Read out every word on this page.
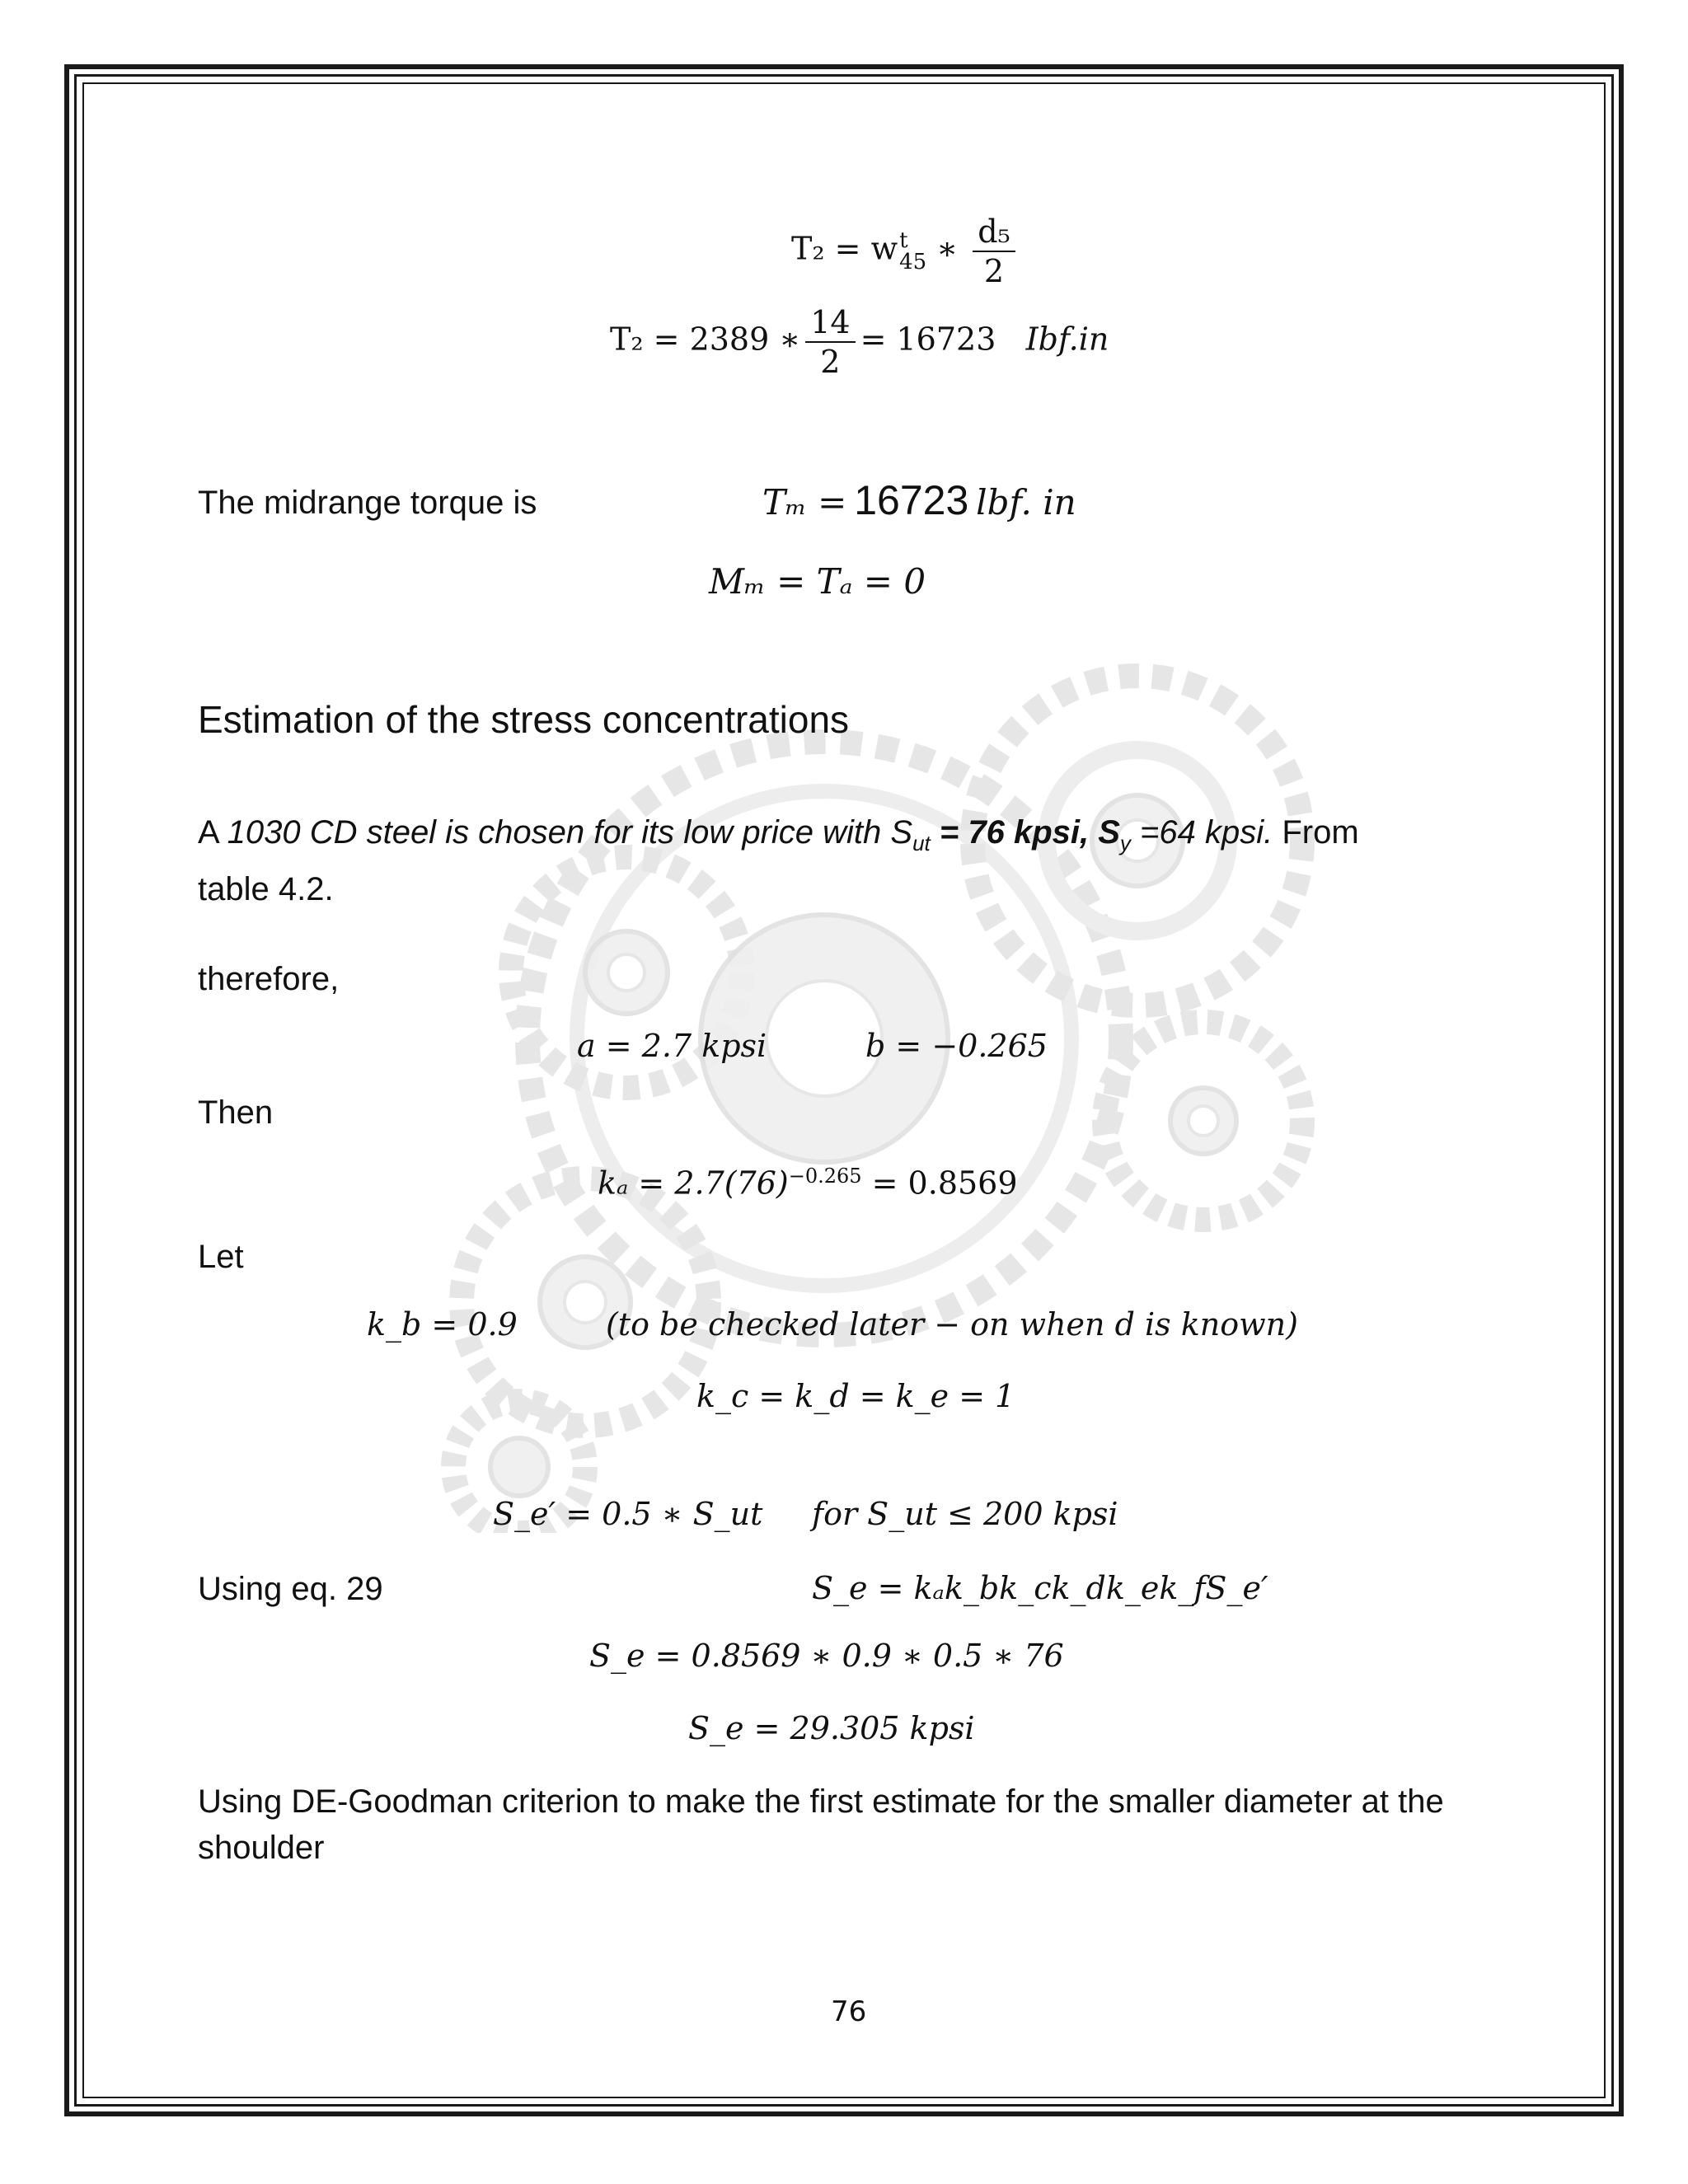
T₂ = w t
45 ∗ $\frac{\text{d₅}}{2}$
T₂ = 2389 ∗ $\frac{14}{2} = 16723$ Ibf.in
The midrange torque is	Tₘ = 16723 lbf. in
Mₘ = Tₐ = 0
Estimation of the stress concentrations
A 1030 CD steel is chosen for its low price with $S_{ut} = 76$ kpsi, $S_y =64$ kpsi. From
table 4.2.
therefore,
a = 2.7 kpsi	b = −0.265
Then
$k_a = 2.7(76)^{-0.265} = 0.8569$
Let
k_b = 0.9	(to be checked later − on when d is known)
k_c = k_d = k_e = 1
S_e′ = 0.5 ∗ S_ut for S_ut ≤ 200 kpsi
Using eq. 29	S_e = kₐk_bk_ck_dk_ek_fS_e′
S_e = 0.8569 ∗ 0.9 ∗ 0.5 ∗ 76
S_e = 29.305 kpsi
Using DE-Goodman criterion to make the first estimate for the smaller diameter at the
shoulder
76
